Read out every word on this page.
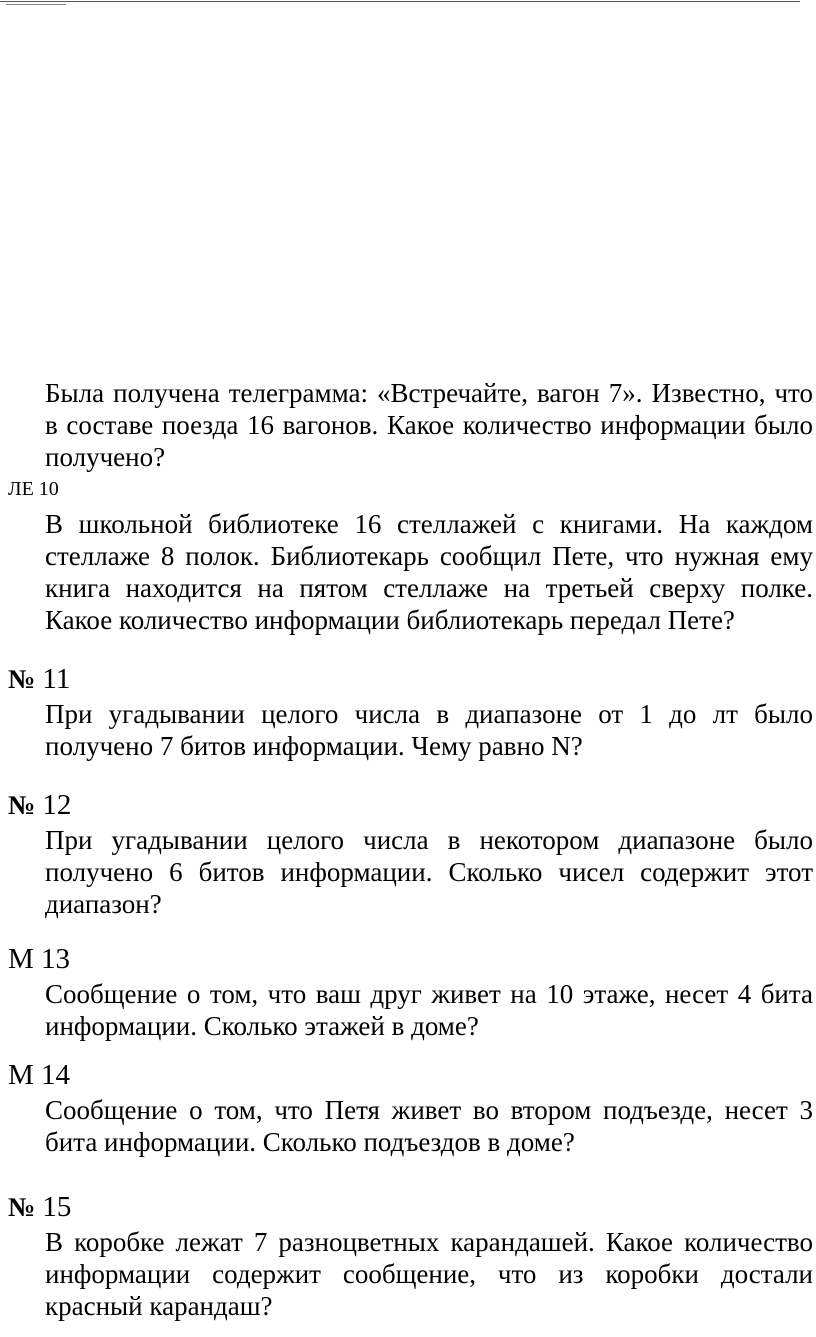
Была получена телеграмма: «Встречайте, вагон 7». Известно, что в составе поезда 16 вагонов. Какое количество информации было получено?

ЛЕ 10

В школьной библиотеке 16 стеллажей с книгами. На каждом стеллаже 8 полок. Библиотекарь сообщил Пете, что нужная ему книга находится на пятом стеллаже на третьей сверху полке. Какое количество информации библиотекарь передал Пете?

№ 11

При угадывании целого числа в диапазоне от 1 до лт было получено 7 битов информации. Чему равно N?

№ 12

При угадывании целого числа в некотором диапазоне было получено 6 битов информации. Сколько чисел содержит этот диапазон?

М 13

Сообщение о том, что ваш друг живет на 10 этаже, несет 4 бита информации. Сколько этажей в доме?

М 14

Сообщение о том, что Петя живет во втором подъезде, несет 3 бита информации. Сколько подъездов в доме?

№ 15

В коробке лежат 7 разноцветных карандашей. Какое количество информации содержит сообщение, что из коробки достали красный карандаш?
